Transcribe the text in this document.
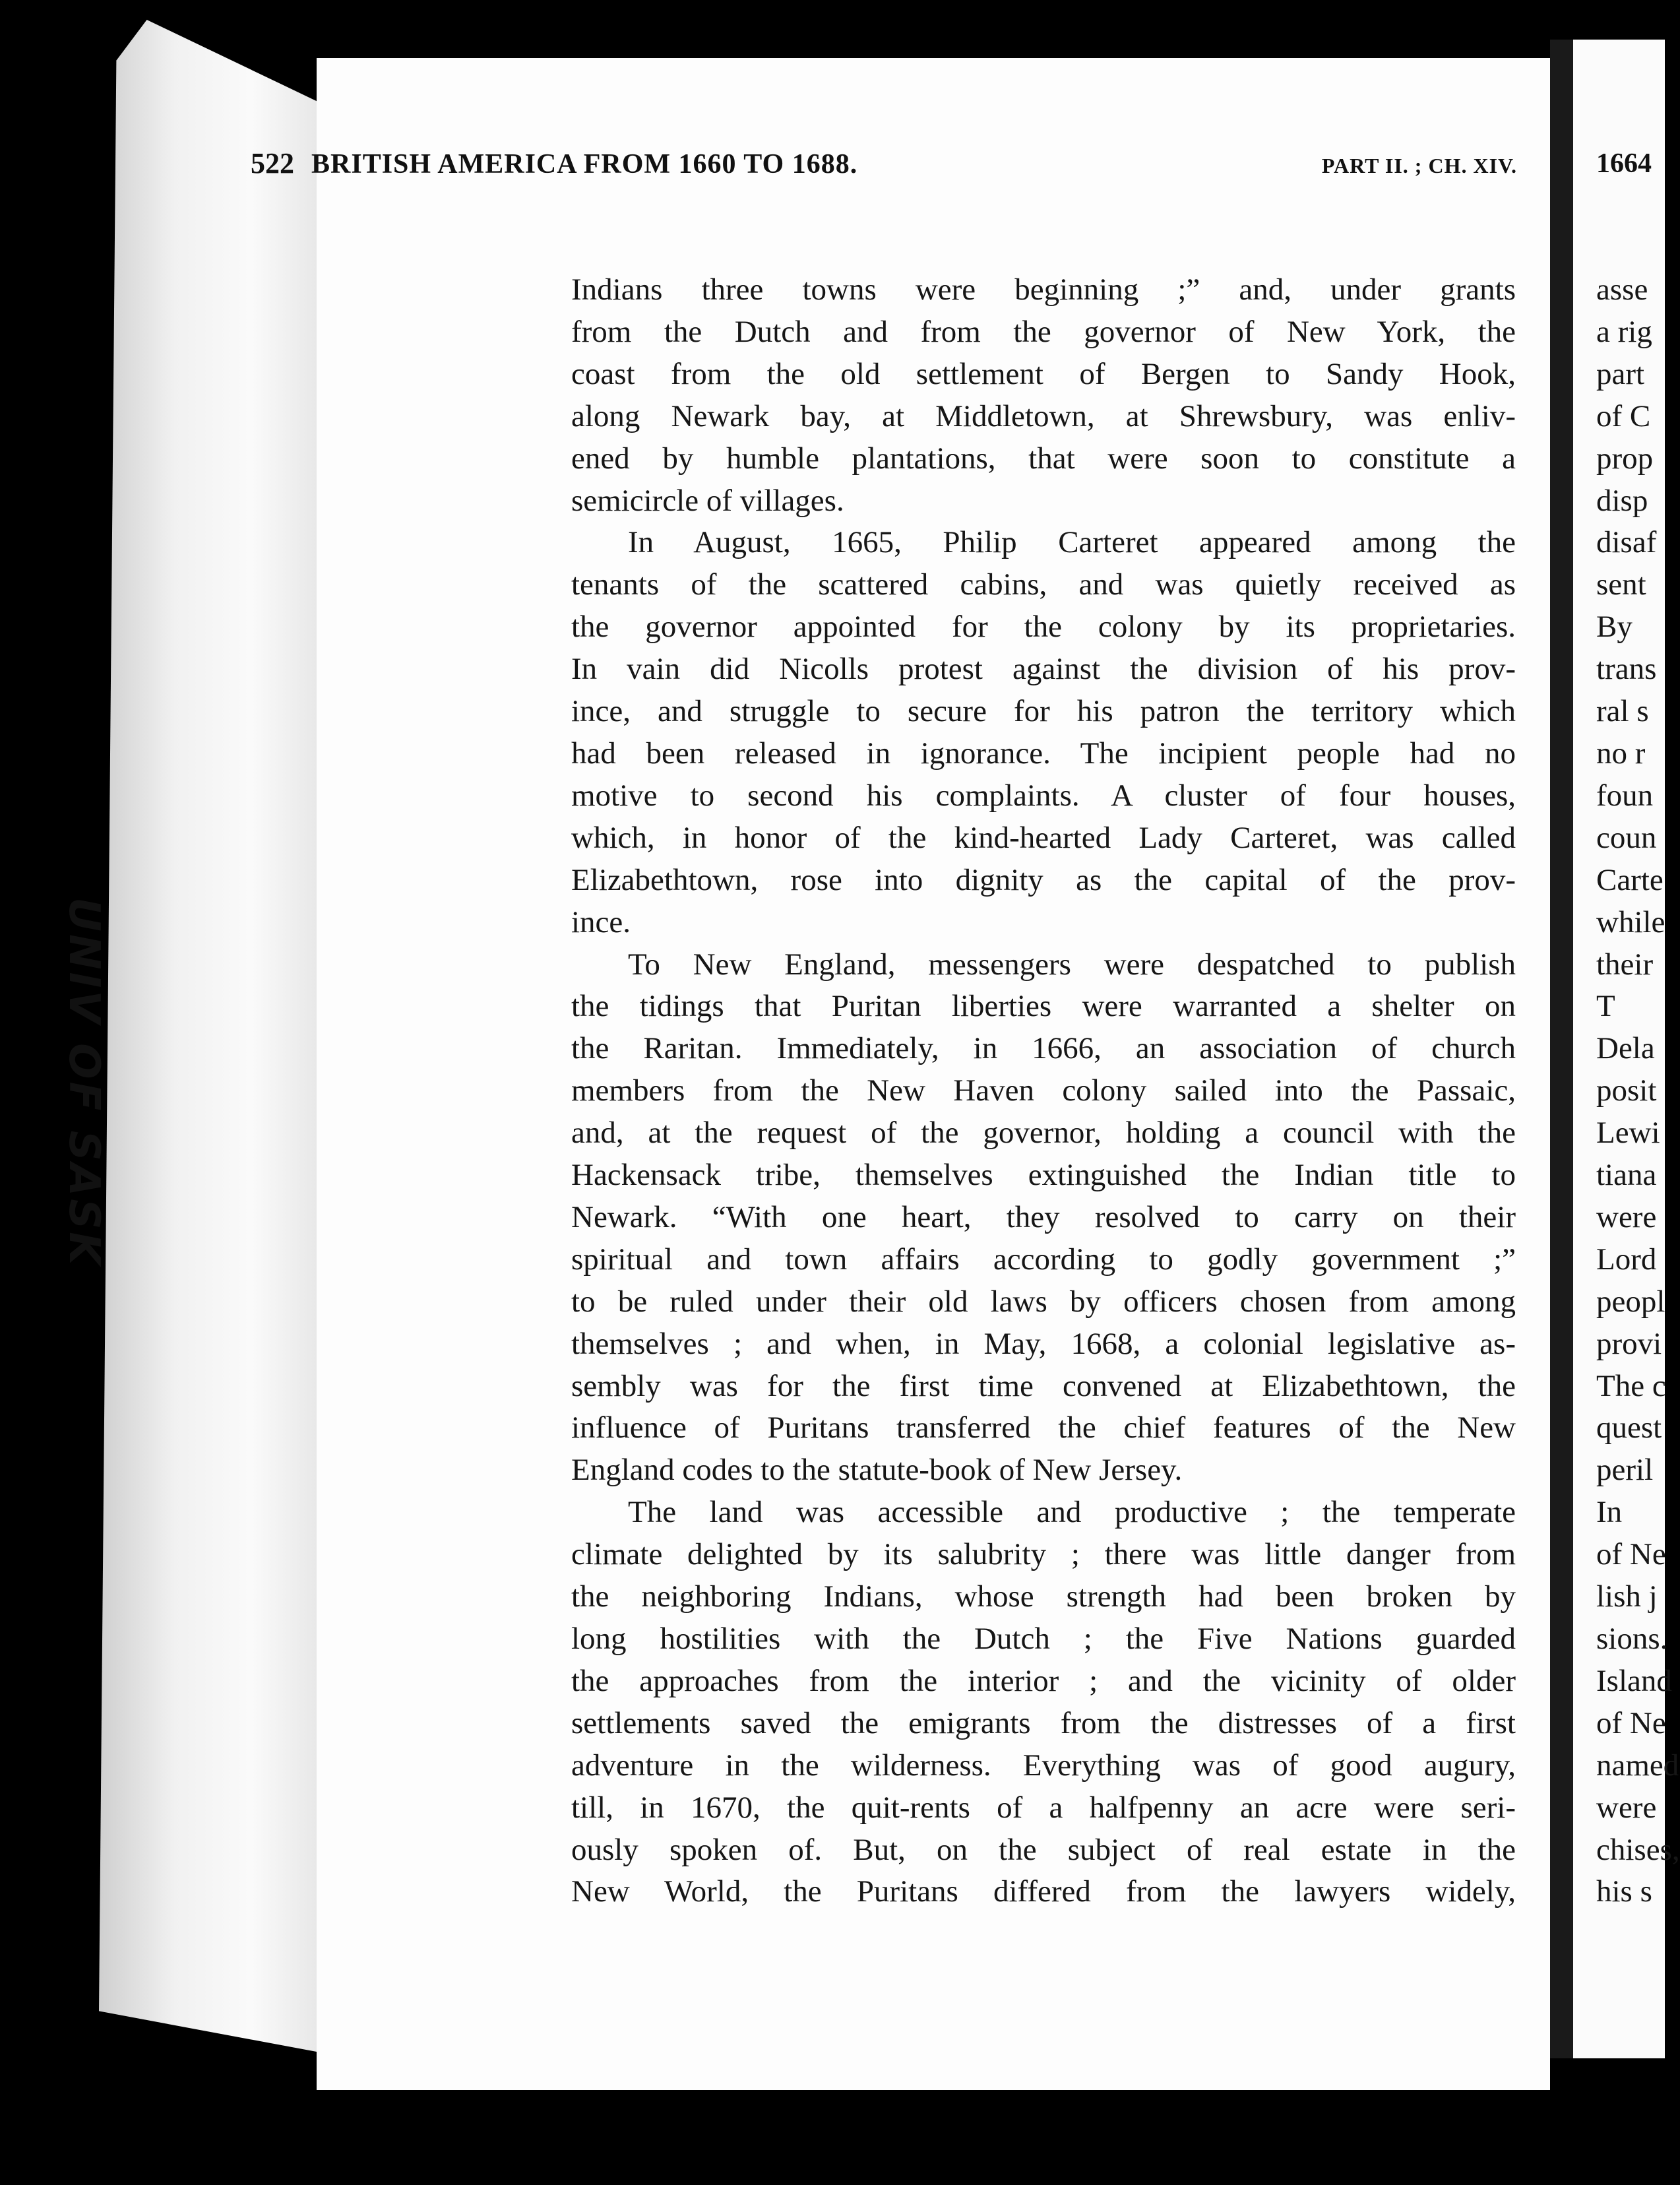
UNIV OF SASK
522 BRITISH AMERICA FROM 1660 TO 1688.	PART II. ; CH. XIV.
Indians three towns were beginning ;” and, under grants
from the Dutch and from the governor of New York, the
coast from the old settlement of Bergen to Sandy Hook,
along Newark bay, at Middletown, at Shrewsbury, was enliv-
ened by humble plantations, that were soon to constitute a
semicircle of villages.
In August, 1665, Philip Carteret appeared among the
tenants of the scattered cabins, and was quietly received as
the governor appointed for the colony by its proprietaries.
In vain did Nicolls protest against the division of his prov-
ince, and struggle to secure for his patron the territory which
had been released in ignorance. The incipient people had no
motive to second his complaints. A cluster of four houses,
which, in honor of the kind-hearted Lady Carteret, was called
Elizabethtown, rose into dignity as the capital of the prov-
ince.
To New England, messengers were despatched to publish
the tidings that Puritan liberties were warranted a shelter on
the Raritan. Immediately, in 1666, an association of church
members from the New Haven colony sailed into the Passaic,
and, at the request of the governor, holding a council with the
Hackensack tribe, themselves extinguished the Indian title to
Newark. “With one heart, they resolved to carry on their
spiritual and town affairs according to godly government ;”
to be ruled under their old laws by officers chosen from among
themselves ; and when, in May, 1668, a colonial legislative as-
sembly was for the first time convened at Elizabethtown, the
influence of Puritans transferred the chief features of the New
England codes to the statute-book of New Jersey.
The land was accessible and productive ; the temperate
climate delighted by its salubrity ; there was little danger from
the neighboring Indians, whose strength had been broken by
long hostilities with the Dutch ; the Five Nations guarded
the approaches from the interior ; and the vicinity of older
settlements saved the emigrants from the distresses of a first
adventure in the wilderness. Everything was of good augury,
till, in 1670, the quit-rents of a halfpenny an acre were seri-
ously spoken of. But, on the subject of real estate in the
New World, the Puritans differed from the lawyers widely,
1664
asse
a rig
part
of C
prop
disp
disaf
sent
By
trans
ral s
no r
foun
coun
Carte
while
their
T
Dela
posit
Lewi
tiana
were
Lord
peopl
provi
The c
quest
peril
In
of Ne
lish j
sions.
Island
of Ne
named
were
chises,
his s
